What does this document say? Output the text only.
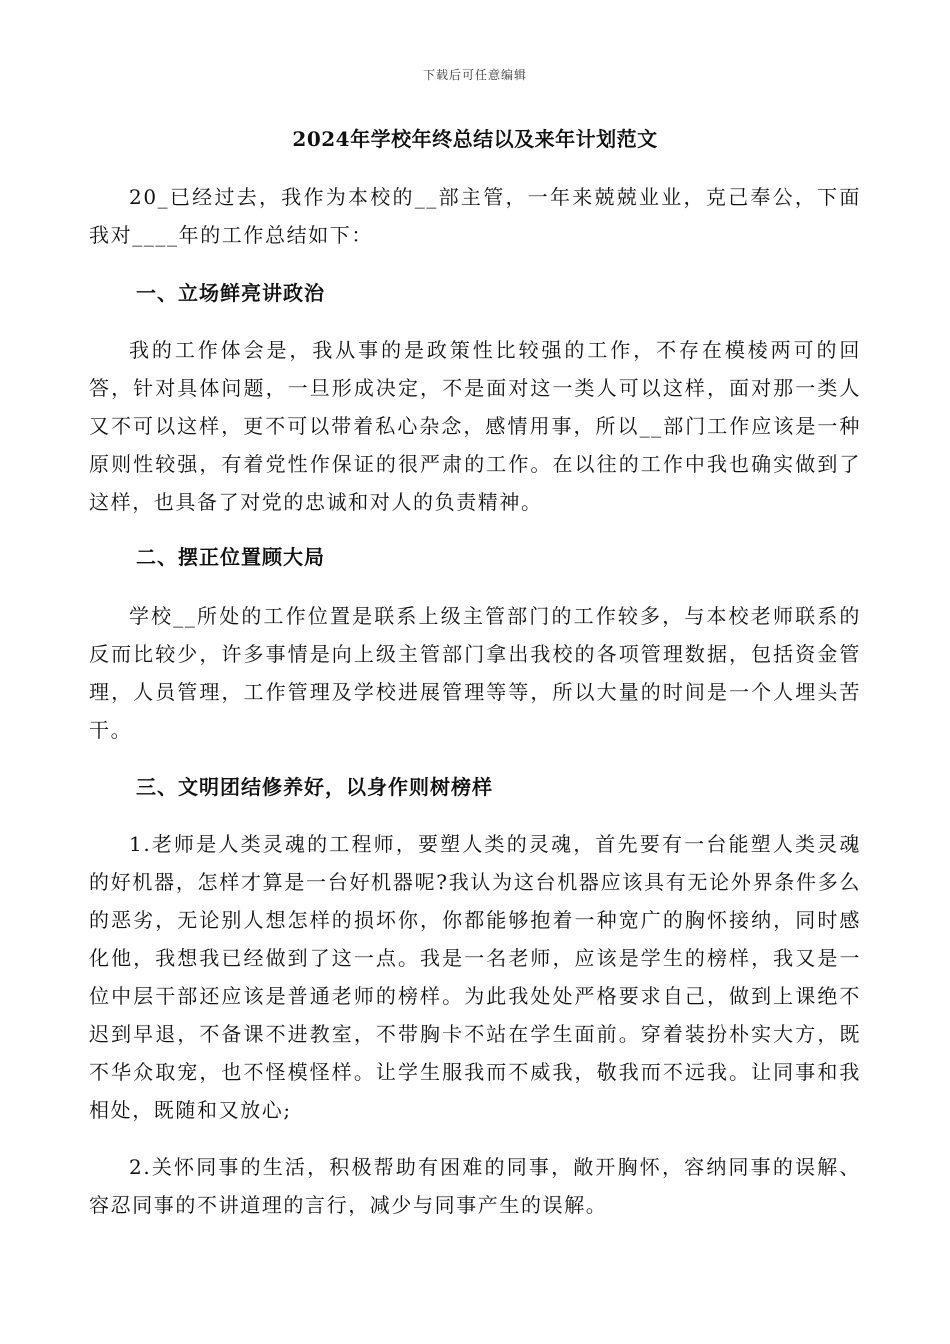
下载后可任意编辑
2024年学校年终总结以及来年计划范文

20_已经过去，我作为本校的__部主管，一年来兢兢业业，克己奉公，下面我对____年的工作总结如下：

一、立场鲜亮讲政治

我的工作体会是，我从事的是政策性比较强的工作，不存在模棱两可的回答，针对具体问题，一旦形成决定，不是面对这一类人可以这样，面对那一类人又不可以这样，更不可以带着私心杂念，感情用事，所以__部门工作应该是一种原则性较强，有着党性作保证的很严肃的工作。在以往的工作中我也确实做到了这样，也具备了对党的忠诚和对人的负责精神。

二、摆正位置顾大局

学校__所处的工作位置是联系上级主管部门的工作较多，与本校老师联系的反而比较少，许多事情是向上级主管部门拿出我校的各项管理数据，包括资金管理，人员管理，工作管理及学校进展管理等等，所以大量的时间是一个人埋头苦干。

三、文明团结修养好，以身作则树榜样

1.老师是人类灵魂的工程师，要塑人类的灵魂，首先要有一台能塑人类灵魂的好机器，怎样才算是一台好机器呢?我认为这台机器应该具有无论外界条件多么的恶劣，无论别人想怎样的损坏你，你都能够抱着一种宽广的胸怀接纳，同时感化他，我想我已经做到了这一点。我是一名老师，应该是学生的榜样，我又是一位中层干部还应该是普通老师的榜样。为此我处处严格要求自己，做到上课绝不迟到早退，不备课不进教室，不带胸卡不站在学生面前。穿着装扮朴实大方，既不华众取宠，也不怪模怪样。让学生服我而不威我，敬我而不远我。让同事和我相处，既随和又放心;

2.关怀同事的生活，积极帮助有困难的同事，敞开胸怀，容纳同事的误解、容忍同事的不讲道理的言行，减少与同事产生的误解。
